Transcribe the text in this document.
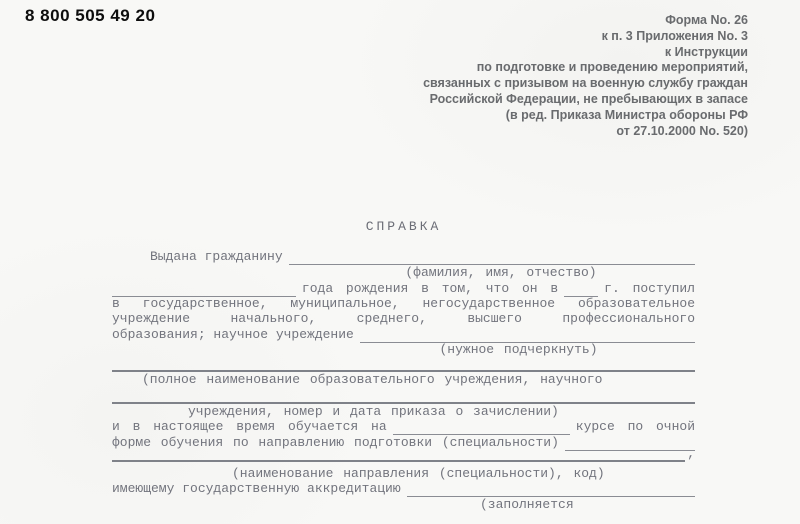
8 800 505 49 20	Форма No. 26
к п. 3 Приложения No. 3
к Инструкции
по подготовке и проведению мероприятий,
связанных с призывом на военную службу граждан
Российской Федерации, не пребывающих в запасе
(в ред. Приказа Министра обороны РФ
от 27.10.2000 No. 520)
СПРАВКА
Выдана гражданину
(фамилия, имя, отчество)
года рождения в том, что он в	г. поступил
в государственное, муниципальное, негосударственное образовательное
учреждение начального, среднего, высшего профессионального
образования; научное учреждение
(нужное подчеркнуть)
(полное наименование образовательного учреждения, научного
учреждения, номер и дата приказа о зачислении)
и в настоящее время обучается на	курсе по очной
форме обучения по направлению подготовки (специальности)
,
(наименование направления (специальности), код)
имеющему государственную аккредитацию
(заполняется
